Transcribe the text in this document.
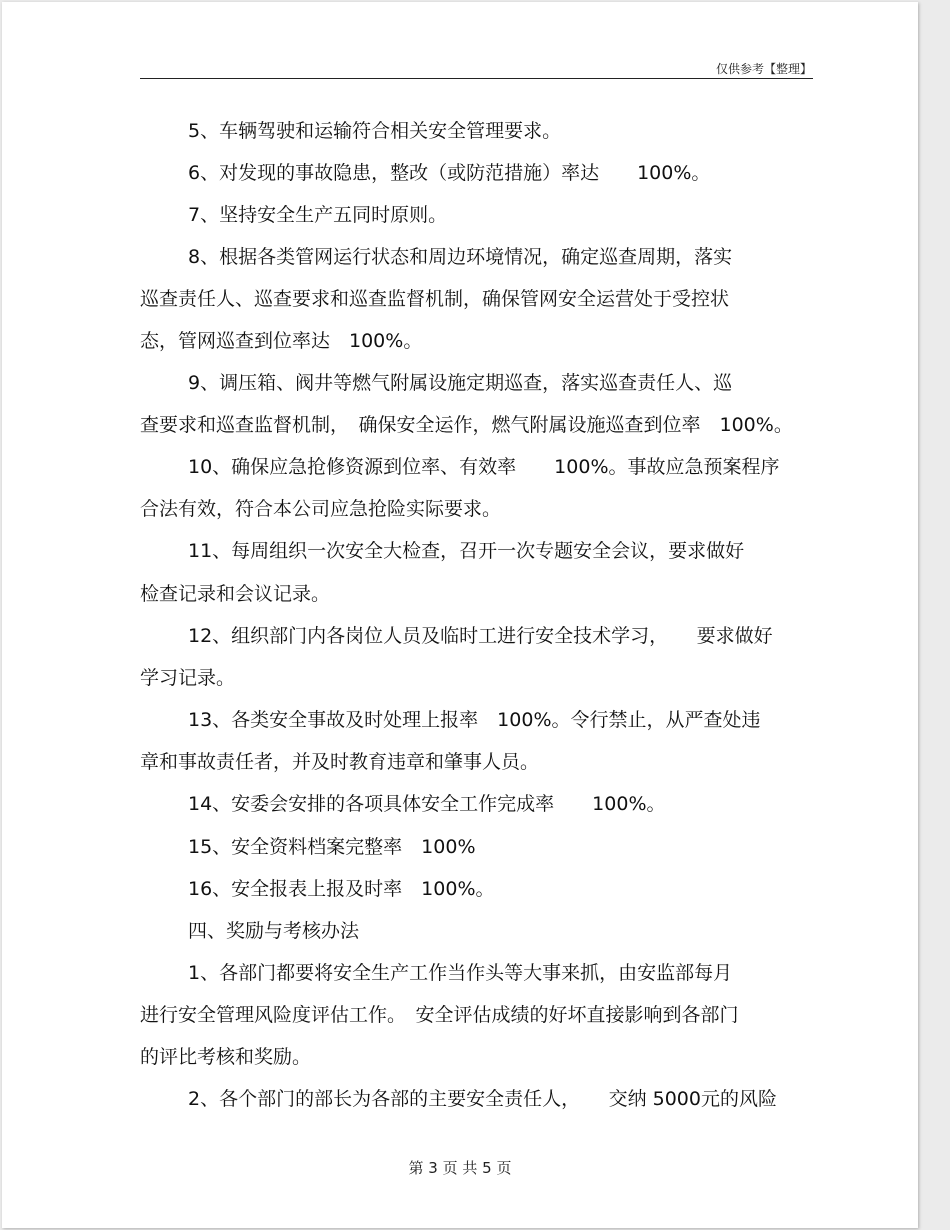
仅供参考【整理】
5、车辆驾驶和运输符合相关安全管理要求。
6、对发现的事故隐患，整改（或防范措施）率达　　100%。
7、坚持安全生产五同时原则。
8、根据各类管网运行状态和周边环境情况，确定巡查周期，落实
巡查责任人、巡查要求和巡查监督机制，确保管网安全运营处于受控状
态，管网巡查到位率达　100%。
9、调压箱、阀井等燃气附属设施定期巡查，落实巡查责任人、巡
查要求和巡查监督机制，　确保安全运作，燃气附属设施巡查到位率　100%。
10、确保应急抢修资源到位率、有效率　　100%。事故应急预案程序
合法有效，符合本公司应急抢险实际要求。
11、每周组织一次安全大检查，召开一次专题安全会议，要求做好
检查记录和会议记录。
12、组织部门内各岗位人员及临时工进行安全技术学习，　　要求做好
学习记录。
13、各类安全事故及时处理上报率　100%。令行禁止，从严查处违
章和事故责任者，并及时教育违章和肇事人员。
14、安委会安排的各项具体安全工作完成率　　100%。
15、安全资料档案完整率　100%
16、安全报表上报及时率　100%。
四、奖励与考核办法
1、各部门都要将安全生产工作当作头等大事来抓，由安监部每月
进行安全管理风险度评估工作。　安全评估成绩的好坏直接影响到各部门
的评比考核和奖励。
2、各个部门的部长为各部的主要安全责任人，　　交纳 5000元的风险
第 3 页 共 5 页
